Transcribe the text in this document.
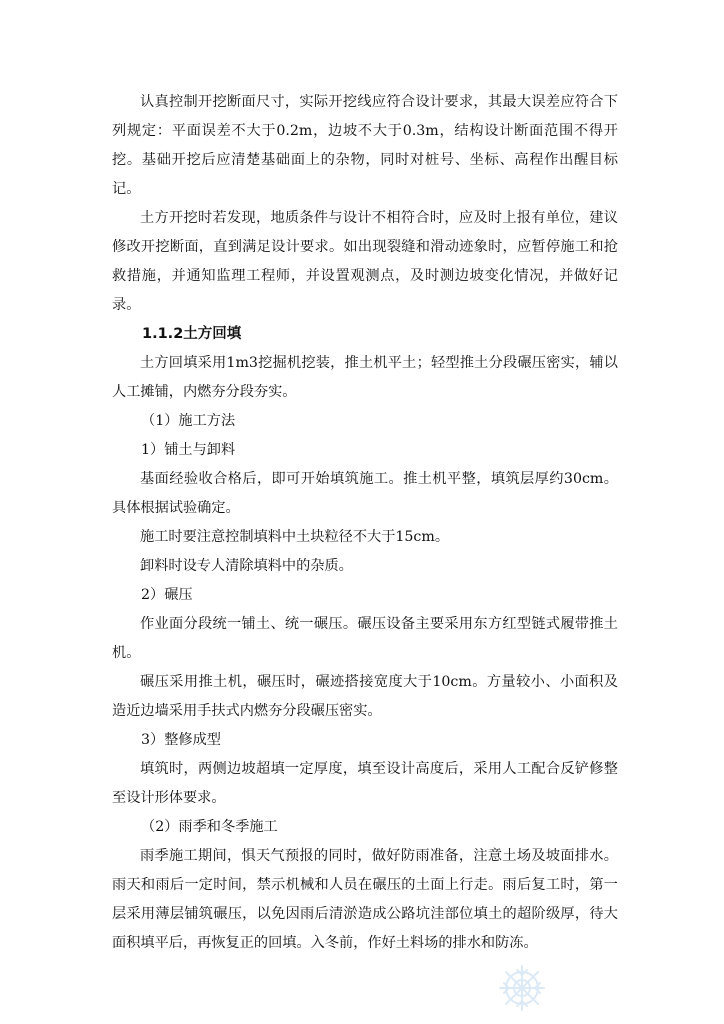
认真控制开挖断面尺寸，实际开挖线应符合设计要求，其最大误差应符合下列规定：平面误差不大于0.2m，边坡不大于0.3m，结构设计断面范围不得开挖。基础开挖后应清楚基础面上的杂物，同时对桩号、坐标、高程作出醒目标记。

土方开挖时若发现，地质条件与设计不相符合时，应及时上报有单位，建议修改开挖断面，直到满足设计要求。如出现裂缝和滑动迹象时，应暂停施工和抢救措施，并通知监理工程师，并设置观测点，及时测边坡变化情况，并做好记录。

1.1.2土方回填

土方回填采用1m3挖掘机挖装，推土机平土；轻型推土分段碾压密实，辅以人工摊铺，内燃夯分段夯实。

（1）施工方法

1）铺土与卸料

基面经验收合格后，即可开始填筑施工。推土机平整，填筑层厚约30cm。具体根据试验确定。

施工时要注意控制填料中土块粒径不大于15cm。

卸料时设专人清除填料中的杂质。

2）碾压

作业面分段统一铺土、统一碾压。碾压设备主要采用东方红型链式履带推土机。

碾压采用推土机，碾压时，碾迹搭接宽度大于10cm。方量较小、小面积及造近边墙采用手扶式内燃夯分段碾压密实。

3）整修成型

填筑时，两侧边坡超填一定厚度，填至设计高度后，采用人工配合反铲修整至设计形体要求。

（2）雨季和冬季施工

雨季施工期间，惧天气预报的同时，做好防雨准备，注意土场及坡面排水。雨天和雨后一定时间，禁示机械和人员在碾压的土面上行走。雨后复工时，第一层采用薄层铺筑碾压，以免因雨后清淤造成公路坑洼部位填土的超阶级厚，待大面积填平后，再恢复正的回填。入冬前，作好土料场的排水和防冻。
